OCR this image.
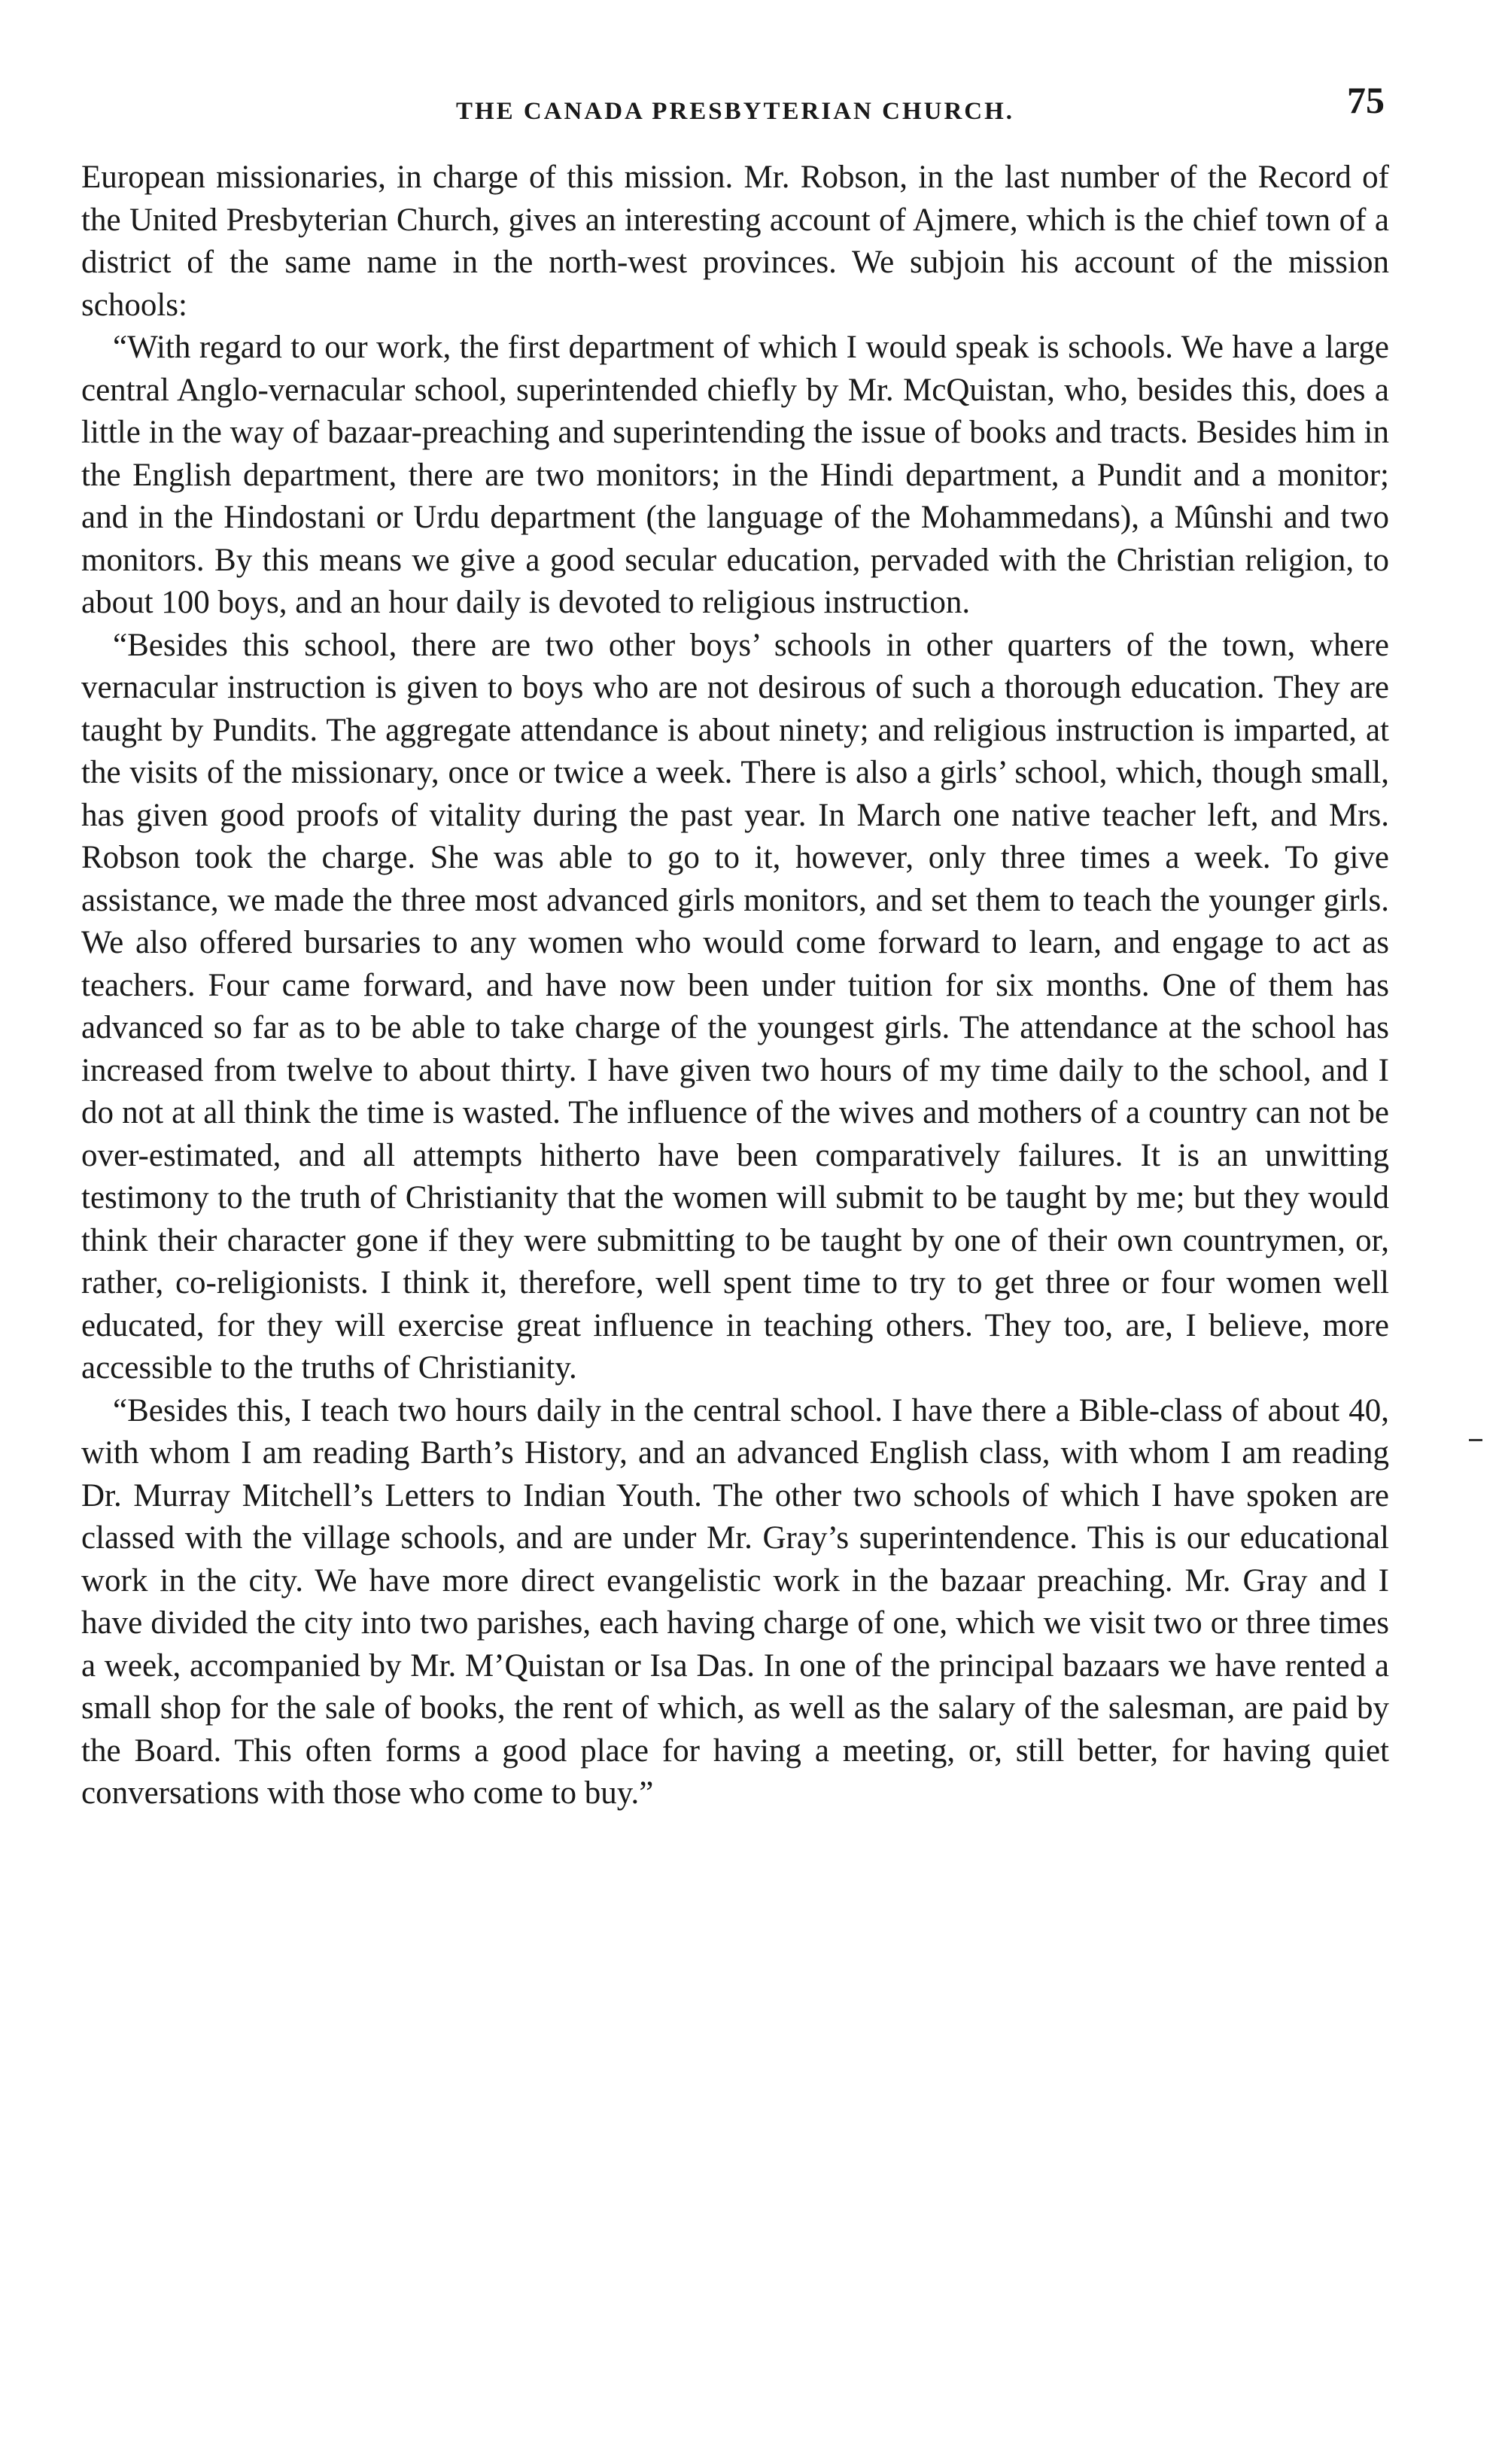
THE CANADA PRESBYTERIAN CHURCH.	75

European missionaries, in charge of this mission. Mr. Robson, in the last number of the Record of the United Presbyterian Church, gives an interesting account of Ajmere, which is the chief town of a district of the same name in the north-west provinces. We subjoin his account of the mission schools:

“With regard to our work, the first department of which I would speak is schools. We have a large central Anglo-vernacular school, superintended chiefly by Mr. McQuistan, who, besides this, does a little in the way of bazaar-preaching and superintending the issue of books and tracts. Besides him in the English department, there are two monitors; in the Hindi department, a Pundit and a monitor; and in the Hindostani or Urdu department (the language of the Mohammedans), a Mûnshi and two monitors. By this means we give a good secular education, pervaded with the Christian religion, to about 100 boys, and an hour daily is devoted to religious instruction.

“Besides this school, there are two other boys’ schools in other quarters of the town, where vernacular instruction is given to boys who are not desirous of such a thorough education. They are taught by Pundits. The aggregate attendance is about ninety; and religious instruction is imparted, at the visits of the missionary, once or twice a week. There is also a girls’ school, which, though small, has given good proofs of vitality during the past year. In March one native teacher left, and Mrs. Robson took the charge. She was able to go to it, however, only three times a week. To give assistance, we made the three most advanced girls monitors, and set them to teach the younger girls. We also offered bursaries to any women who would come forward to learn, and engage to act as teachers. Four came forward, and have now been under tuition for six months. One of them has advanced so far as to be able to take charge of the youngest girls. The attendance at the school has increased from twelve to about thirty. I have given two hours of my time daily to the school, and I do not at all think the time is wasted. The influence of the wives and mothers of a country can not be over-estimated, and all attempts hitherto have been comparatively failures. It is an unwitting testimony to the truth of Christianity that the women will submit to be taught by me; but they would think their character gone if they were submitting to be taught by one of their own countrymen, or, rather, co-religionists. I think it, therefore, well spent time to try to get three or four women well educated, for they will exercise great influence in teaching others. They too, are, I believe, more accessible to the truths of Christianity.

“Besides this, I teach two hours daily in the central school. I have there a Bible-class of about 40, with whom I am reading Barth’s History, and an advanced English class, with whom I am reading Dr. Murray Mitchell’s Letters to Indian Youth. The other two schools of which I have spoken are classed with the village schools, and are under Mr. Gray’s superintendence. This is our educational work in the city. We have more direct evangelistic work in the bazaar preaching. Mr. Gray and I have divided the city into two parishes, each having charge of one, which we visit two or three times a week, accompanied by Mr. M’Quistan or Isa Das. In one of the principal bazaars we have rented a small shop for the sale of books, the rent of which, as well as the salary of the salesman, are paid by the Board. This often forms a good place for having a meeting, or, still better, for having quiet conversations with those who come to buy.”
